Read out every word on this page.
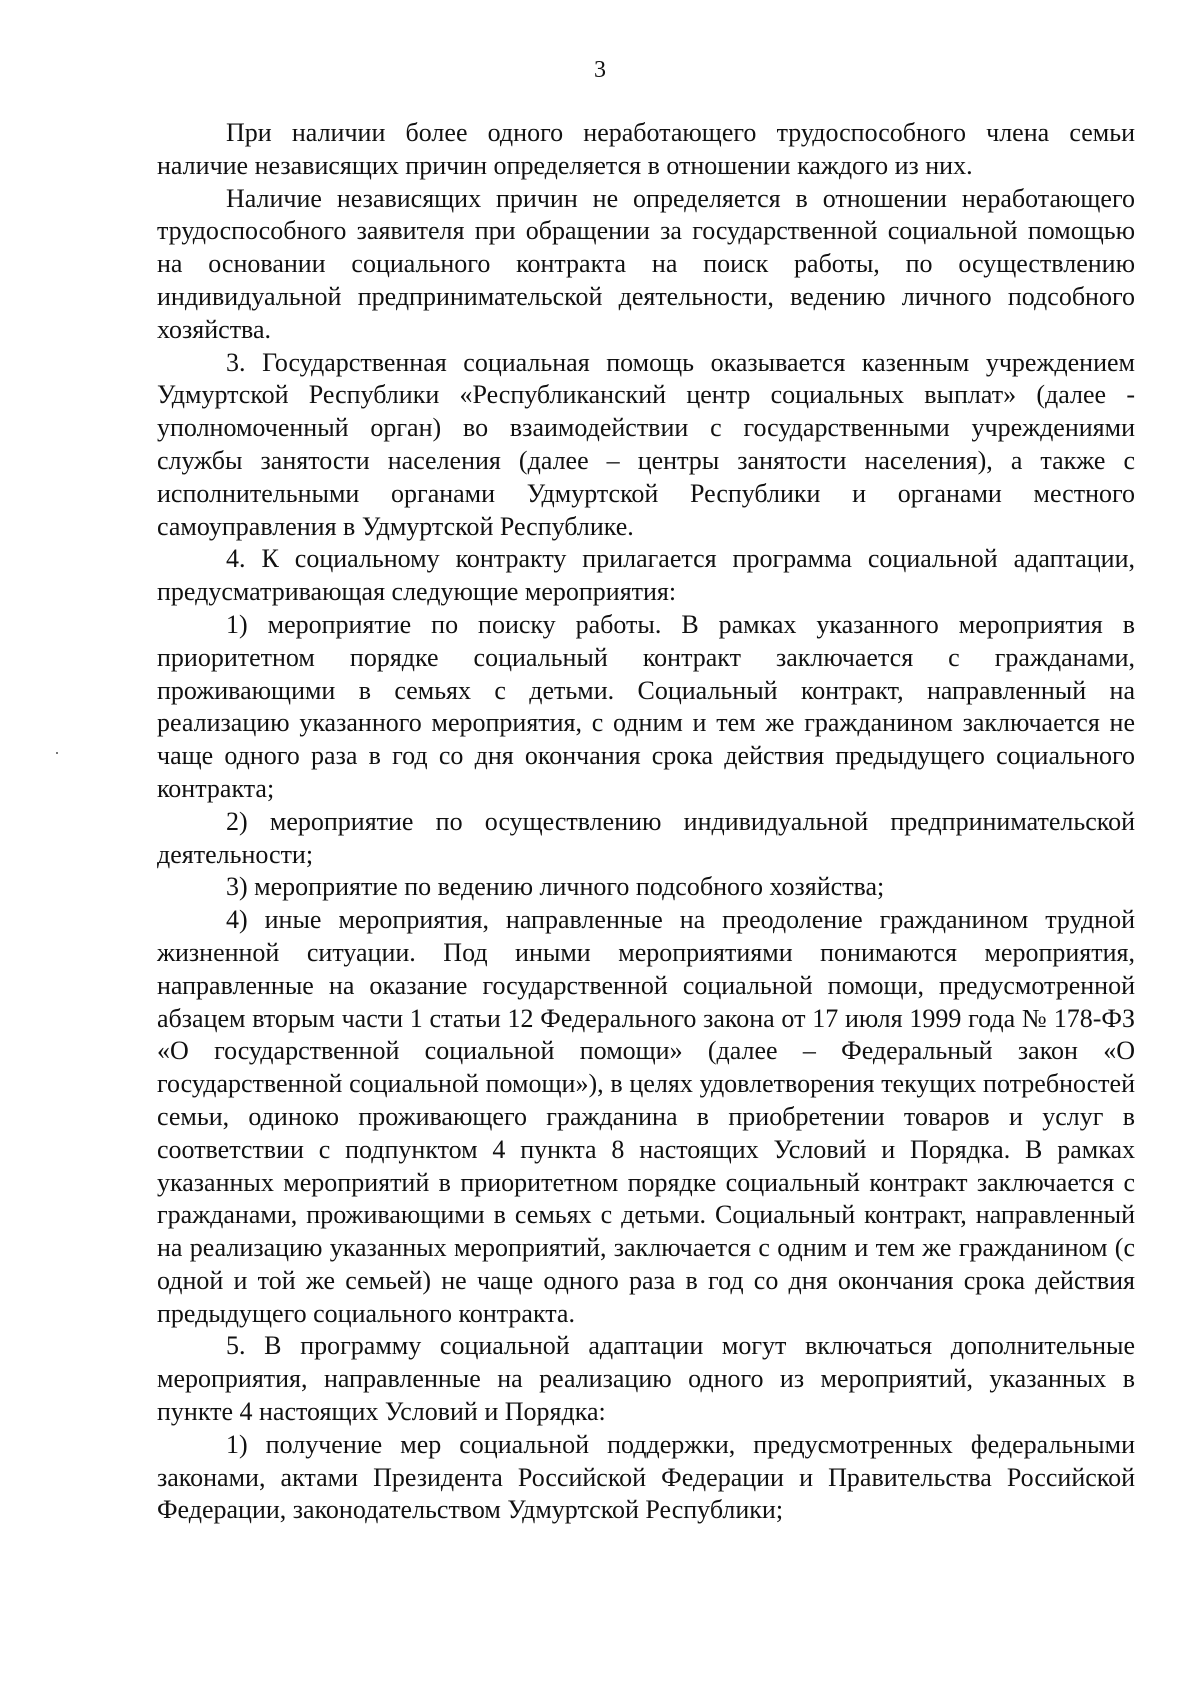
3

При наличии более одного неработающего трудоспособного члена семьи наличие независящих причин определяется в отношении каждого из них.

Наличие независящих причин не определяется в отношении неработающего трудоспособного заявителя при обращении за государственной социальной помощью на основании социального контракта на поиск работы, по осуществлению индивидуальной предпринимательской деятельности, ведению личного подсобного хозяйства.

3. Государственная социальная помощь оказывается казенным учреждением Удмуртской Республики «Республиканский центр социальных выплат» (далее - уполномоченный орган) во взаимодействии с государственными учреждениями службы занятости населения (далее – центры занятости населения), а также с исполнительными органами Удмуртской Республики и органами местного самоуправления в Удмуртской Республике.

4. К социальному контракту прилагается программа социальной адаптации, предусматривающая следующие мероприятия:

1) мероприятие по поиску работы. В рамках указанного мероприятия в приоритетном порядке социальный контракт заключается с гражданами, проживающими в семьях с детьми. Социальный контракт, направленный на реализацию указанного мероприятия, с одним и тем же гражданином заключается не чаще одного раза в год со дня окончания срока действия предыдущего социального контракта;

2) мероприятие по осуществлению индивидуальной предпринимательской деятельности;

3) мероприятие по ведению личного подсобного хозяйства;

4) иные мероприятия, направленные на преодоление гражданином трудной жизненной ситуации. Под иными мероприятиями понимаются мероприятия, направленные на оказание государственной социальной помощи, предусмотренной абзацем вторым части 1 статьи 12 Федерального закона от 17 июля 1999 года № 178-ФЗ «О государственной социальной помощи» (далее – Федеральный закон «О государственной социальной помощи»), в целях удовлетворения текущих потребностей семьи, одиноко проживающего гражданина в приобретении товаров и услуг в соответствии с подпунктом 4 пункта 8 настоящих Условий и Порядка. В рамках указанных мероприятий в приоритетном порядке социальный контракт заключается с гражданами, проживающими в семьях с детьми. Социальный контракт, направленный на реализацию указанных мероприятий, заключается с одним и тем же гражданином (с одной и той же семьей) не чаще одного раза в год со дня окончания срока действия предыдущего социального контракта.

5. В программу социальной адаптации могут включаться дополнительные мероприятия, направленные на реализацию одного из мероприятий, указанных в пункте 4 настоящих Условий и Порядка:

1) получение мер социальной поддержки, предусмотренных федеральными законами, актами Президента Российской Федерации и Правительства Российской Федерации, законодательством Удмуртской Республики;
